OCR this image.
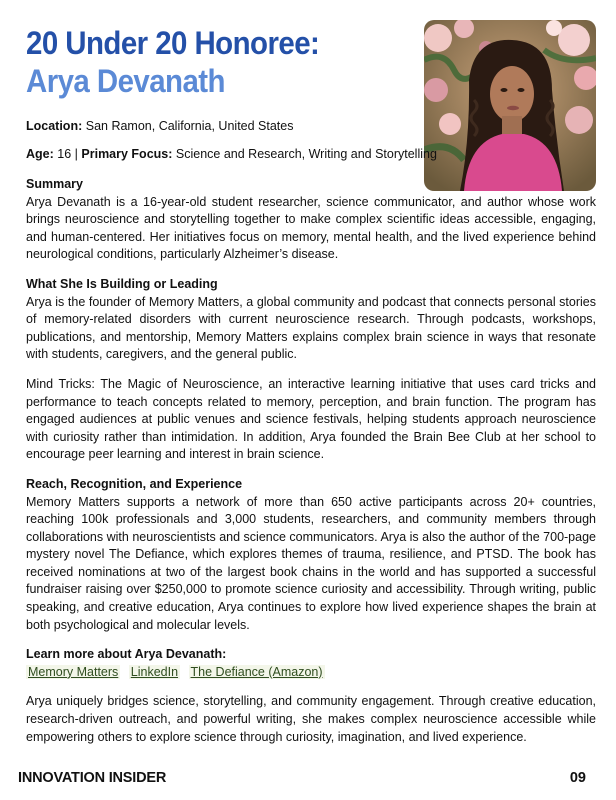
20 Under 20 Honoree:
Arya Devanath
Location: San Ramon, California, United States
Age: 16 | Primary Focus: Science and Research, Writing and Storytelling

Summary

Arya Devanath is a 16-year-old student researcher, science communicator, and author whose work brings neuroscience and storytelling together to make complex scientific ideas accessible, engaging, and human-centered. Her initiatives focus on memory, mental health, and the lived experience behind neurological conditions, particularly Alzheimer’s disease.

What She Is Building or Leading

Arya is the founder of Memory Matters, a global community and podcast that connects personal stories of memory-related disorders with current neuroscience research. Through podcasts, workshops, publications, and mentorship, Memory Matters explains complex brain science in ways that resonate with students, caregivers, and the general public.

Mind Tricks: The Magic of Neuroscience, an interactive learning initiative that uses card tricks and performance to teach concepts related to memory, perception, and brain function. The program has engaged audiences at public venues and science festivals, helping students approach neuroscience with curiosity rather than intimidation. In addition, Arya founded the Brain Bee Club at her school to encourage peer learning and interest in brain science.

Reach, Recognition, and Experience

Memory Matters supports a network of more than 650 active participants across 20+ countries, reaching 100k professionals and 3,000 students, researchers, and community members through collaborations with neuroscientists and science communicators. Arya is also the author of the 700-page mystery novel The Defiance, which explores themes of trauma, resilience, and PTSD. The book has received nominations at two of the largest book chains in the world and has supported a successful fundraiser raising over $250,000 to promote science curiosity and accessibility. Through writing, public speaking, and creative education, Arya continues to explore how lived experience shapes the brain at both psychological and molecular levels.

Learn more about Arya Devanath:

Memory Matters LinkedIn The Defiance (Amazon)

Arya uniquely bridges science, storytelling, and community engagement. Through creative education, research-driven outreach, and powerful writing, she makes complex neuroscience accessible while empowering others to explore science through curiosity, imagination, and lived experience.

INNOVATION INSIDER	09
